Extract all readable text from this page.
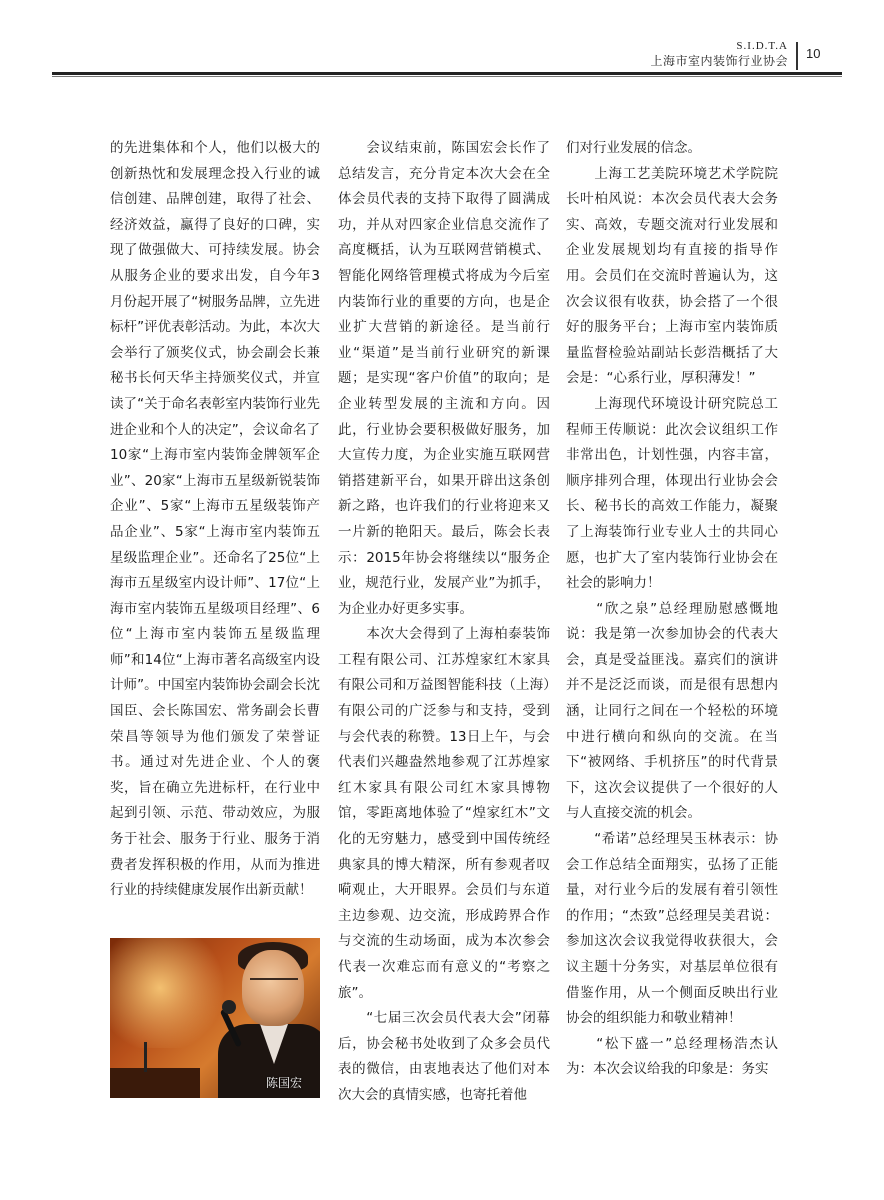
S.I.D.T.A
上海市室内装饰行业协会 10

的先进集体和个人，他们以极大的创新热忱和发展理念投入行业的诚信创建、品牌创建，取得了社会、经济效益，赢得了良好的口碑，实现了做强做大、可持续发展。协会从服务企业的要求出发，自今年3月份起开展了“树服务品牌，立先进标杆”评优表彰活动。为此，本次大会举行了颁奖仪式，协会副会长兼秘书长何天华主持颁奖仪式，并宣读了“关于命名表彰室内装饰行业先进企业和个人的决定”，会议命名了10家“上海市室内装饰金牌领军企业”、20家“上海市五星级新锐装饰企业”、5家“上海市五星级装饰产品企业”、5家“上海市室内装饰五星级监理企业”。还命名了25位“上海市五星级室内设计师”、17位“上海市室内装饰五星级项目经理”、6位“上海市室内装饰五星级监理师”和14位“上海市著名高级室内设计师”。中国室内装饰协会副会长沈国臣、会长陈国宏、常务副会长曹荣昌等领导为他们颁发了荣誉证书。通过对先进企业、个人的褒奖，旨在确立先进标杆，在行业中起到引领、示范、带动效应，为服务于社会、服务于行业、服务于消费者发挥积极的作用，从而为推进行业的持续健康发展作出新贡献！

　　会议结束前，陈国宏会长作了总结发言，充分肯定本次大会在全体会员代表的支持下取得了圆满成功，并从对四家企业信息交流作了高度概括，认为互联网营销模式、智能化网络管理模式将成为今后室内装饰行业的重要的方向，也是企业扩大营销的新途径。是当前行业“渠道”是当前行业研究的新课题；是实现“客户价值”的取向；是企业转型发展的主流和方向。因此，行业协会要积极做好服务，加大宣传力度，为企业实施互联网营销搭建新平台，如果开辟出这条创新之路，也许我们的行业将迎来又一片新的艳阳天。最后，陈会长表示：2015年协会将继续以“服务企业，规范行业，发展产业”为抓手，为企业办好更多实事。

　　本次大会得到了上海柏泰装饰工程有限公司、江苏煌家红木家具有限公司和万益图智能科技（上海）有限公司的广泛参与和支持，受到与会代表的称赞。13日上午，与会代表们兴趣盎然地参观了江苏煌家红木家具有限公司红木家具博物馆，零距离地体验了“煌家红木”文化的无穷魅力，感受到中国传统经典家具的博大精深，所有参观者叹嗬观止，大开眼界。会员们与东道主边参观、边交流，形成跨界合作与交流的生动场面，成为本次参会代表一次难忘而有意义的“考察之旅”。

　　“七届三次会员代表大会”闭幕后，协会秘书处收到了众多会员代表的微信，由衷地表达了他们对本次大会的真情实感，也寄托着他

们对行业发展的信念。

　　上海工艺美院环境艺术学院院长叶柏风说：本次会员代表大会务实、高效，专题交流对行业发展和企业发展规划均有直接的指导作用。会员们在交流时普遍认为，这次会议很有收获，协会搭了一个很好的服务平台；上海市室内装饰质量监督检验站副站长彭浩概括了大会是：“心系行业，厚积薄发！”

　　上海现代环境设计研究院总工程师王传顺说：此次会议组织工作非常出色，计划性强，内容丰富，顺序排列合理，体现出行业协会会长、秘书长的高效工作能力，凝聚了上海装饰行业专业人士的共同心愿，也扩大了室内装饰行业协会在社会的影响力！

　　“欣之泉”总经理励慰感慨地说：我是第一次参加协会的代表大会，真是受益匪浅。嘉宾们的演讲并不是泛泛而谈，而是很有思想内涵，让同行之间在一个轻松的环境中进行横向和纵向的交流。在当下“被网络、手机挤压”的时代背景下，这次会议提供了一个很好的人与人直接交流的机会。

　　“希诺”总经理吴玉林表示：协会工作总结全面翔实，弘扬了正能量，对行业今后的发展有着引领性的作用；“杰致”总经理吴美君说：参加这次会议我觉得收获很大，会议主题十分务实，对基层单位很有借鉴作用，从一个侧面反映出行业协会的组织能力和敬业精神！

　　“松下盛一”总经理杨浩杰认为：本次会议给我的印象是：务实

陈国宏
